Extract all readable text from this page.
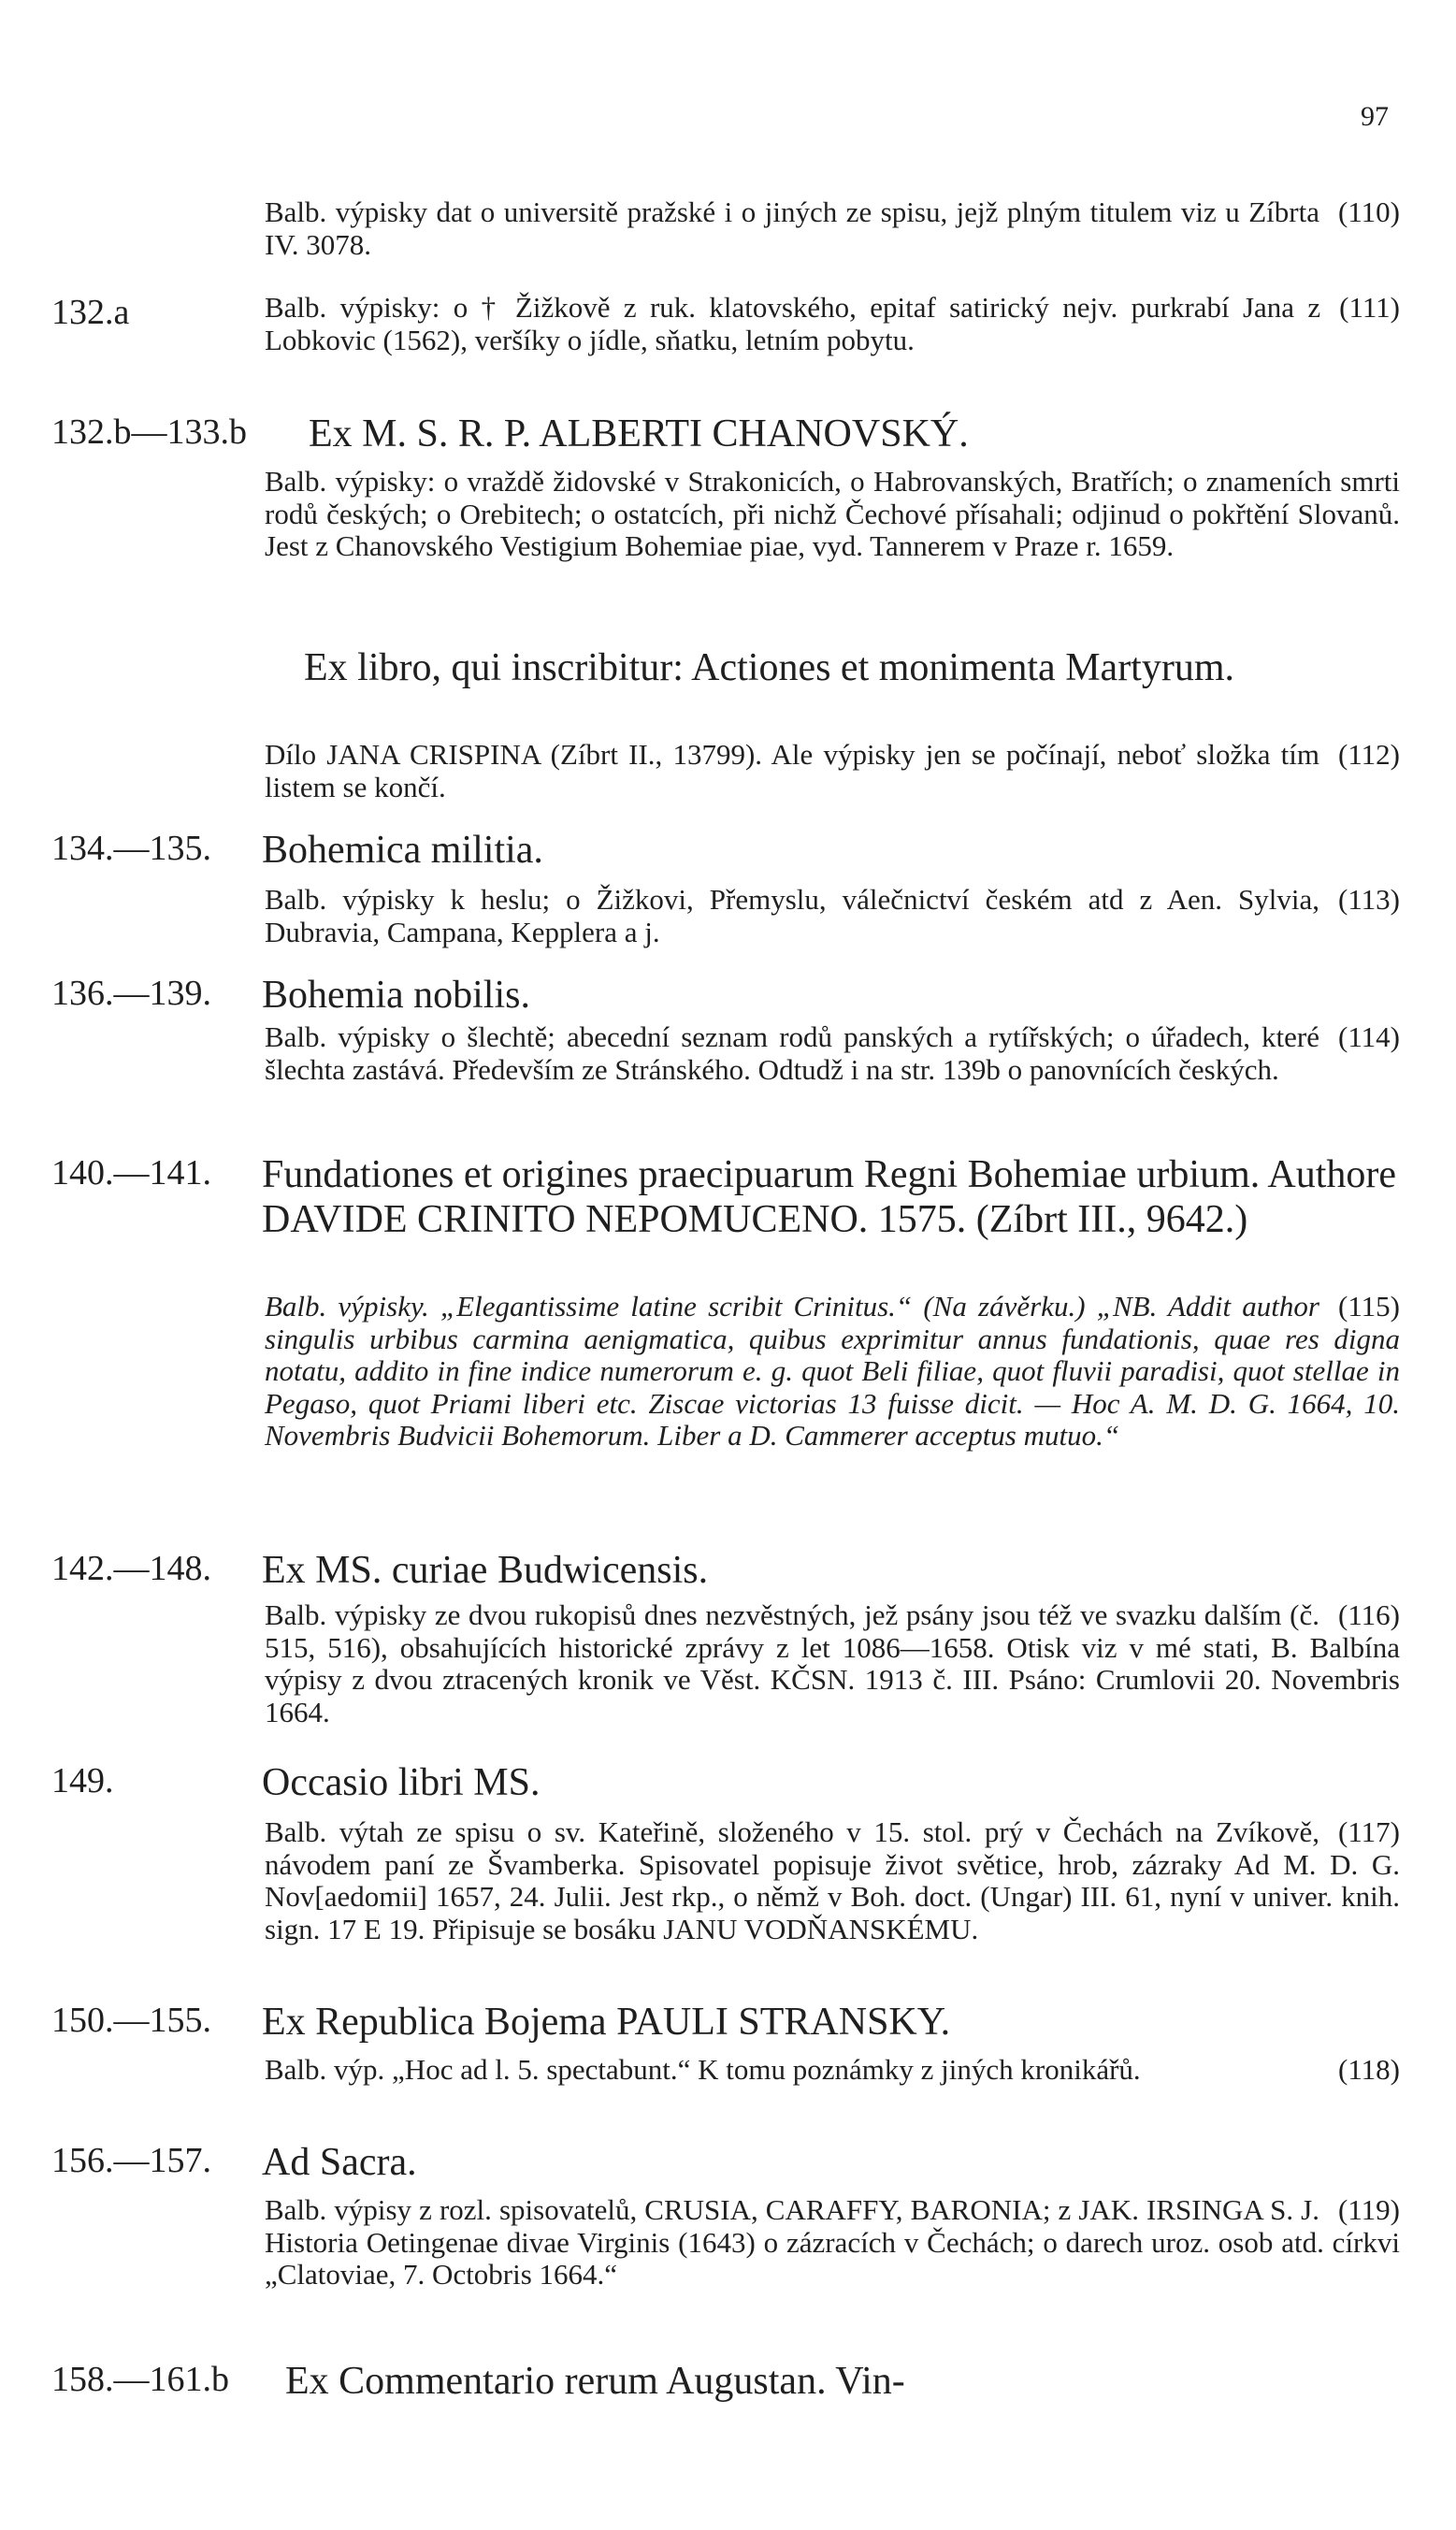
97
(110)
Balb. výpisky dat o universitě pražské i o jiných ze spisu, jejž plným titulem viz u Zíbrta IV. 3078.
132.a	(111)
Balb. výpisky: o † Žižkově z ruk. klatovského, epitaf satirický nejv. purkrabí Jana z Lobkovic (1562), veršíky o jídle, sňatku, letním pobytu.
132.b—133.b Ex M. S. R. P. ALBERTI CHANOVSKÝ.
Balb. výpisky: o vraždě židovské v Strakonicích, o Habrovanských, Bratřích; o znameních smrti rodů českých; o Orebitech; o ostatcích, při nichž Čechové přísahali; odjinud o pokřtění Slovanů. Jest z Chanovského Vestigium Bohemiae piae, vyd. Tannerem v Praze r. 1659.
Ex libro, qui inscribitur: Actiones et monimenta Martyrum.
(112)
Dílo JANA CRISPINA (Zíbrt II., 13799). Ale výpisky jen se počínají, neboť složka tím listem se končí.
134.—135. Bohemica militia.
(113)
Balb. výpisky k heslu; o Žižkovi, Přemyslu, válečnictví českém atd z Aen. Sylvia, Dubravia, Campana, Kepplera a j.
136.—139. Bohemia nobilis.
(114)
Balb. výpisky o šlechtě; abecední seznam rodů panských a rytířských; o úřadech, které šlechta zastává. Především ze Stránského. Odtudž i na str. 139b o panovnících českých.
140.—141. Fundationes et origines praecipuarum Regni Bohemiae urbium. Authore DAVIDE CRINITO NEPOMUCENO. 1575. (Zíbrt III., 9642.)
(115)
Balb. výpisky. „Elegantissime latine scribit Crinitus.“ (Na závěrku.) „NB. Addit author singulis urbibus carmina aenigmatica, quibus exprimitur annus fundationis, quae res digna notatu, addito in fine indice numerorum e. g. quot Beli filiae, quot fluvii paradisi, quot stellae in Pegaso, quot Priami liberi etc. Ziscae victorias 13 fuisse dicit. — Hoc A. M. D. G. 1664, 10. Novembris Budvicii Bohemorum. Liber a D. Cammerer acceptus mutuo.“
142.—148. Ex MS. curiae Budwicensis.
(116)
Balb. výpisky ze dvou rukopisů dnes nezvěstných, jež psány jsou též ve svazku dalším (č. 515, 516), obsahujících historické zprávy z let 1086—1658. Otisk viz v mé stati, B. Balbína výpisy z dvou ztracených kronik ve Věst. KČSN. 1913 č. III. Psáno: Crumlovii 20. Novembris 1664.
149.	Occasio libri MS.
(117)
Balb. výtah ze spisu o sv. Kateřině, složeného v 15. stol. prý v Čechách na Zvíkově, návodem paní ze Švamberka. Spisovatel popisuje život světice, hrob, zázraky Ad M. D. G. Nov[aedomii] 1657, 24. Julii. Jest rkp., o němž v Boh. doct. (Ungar) III. 61, nyní v univer. knih. sign. 17 E 19. Připisuje se bosáku JANU VODŇANSKÉMU.
150.—155. Ex Republica Bojema PAULI STRANSKY.
(118)
Balb. výp. „Hoc ad l. 5. spectabunt.“ K tomu poznámky z jiných kronikářů.
156.—157. Ad Sacra.
(119)
Balb. výpisy z rozl. spisovatelů, CRUSIA, CARAFFY, BARONIA; z JAK. IRSINGA S. J. Historia Oetingenae divae Virginis (1643) o zázracích v Čechách; o darech uroz. osob atd. církvi „Clatoviae, 7. Octobris 1664.“
158.—161.b Ex Commentario rerum Augustan. Vin-
